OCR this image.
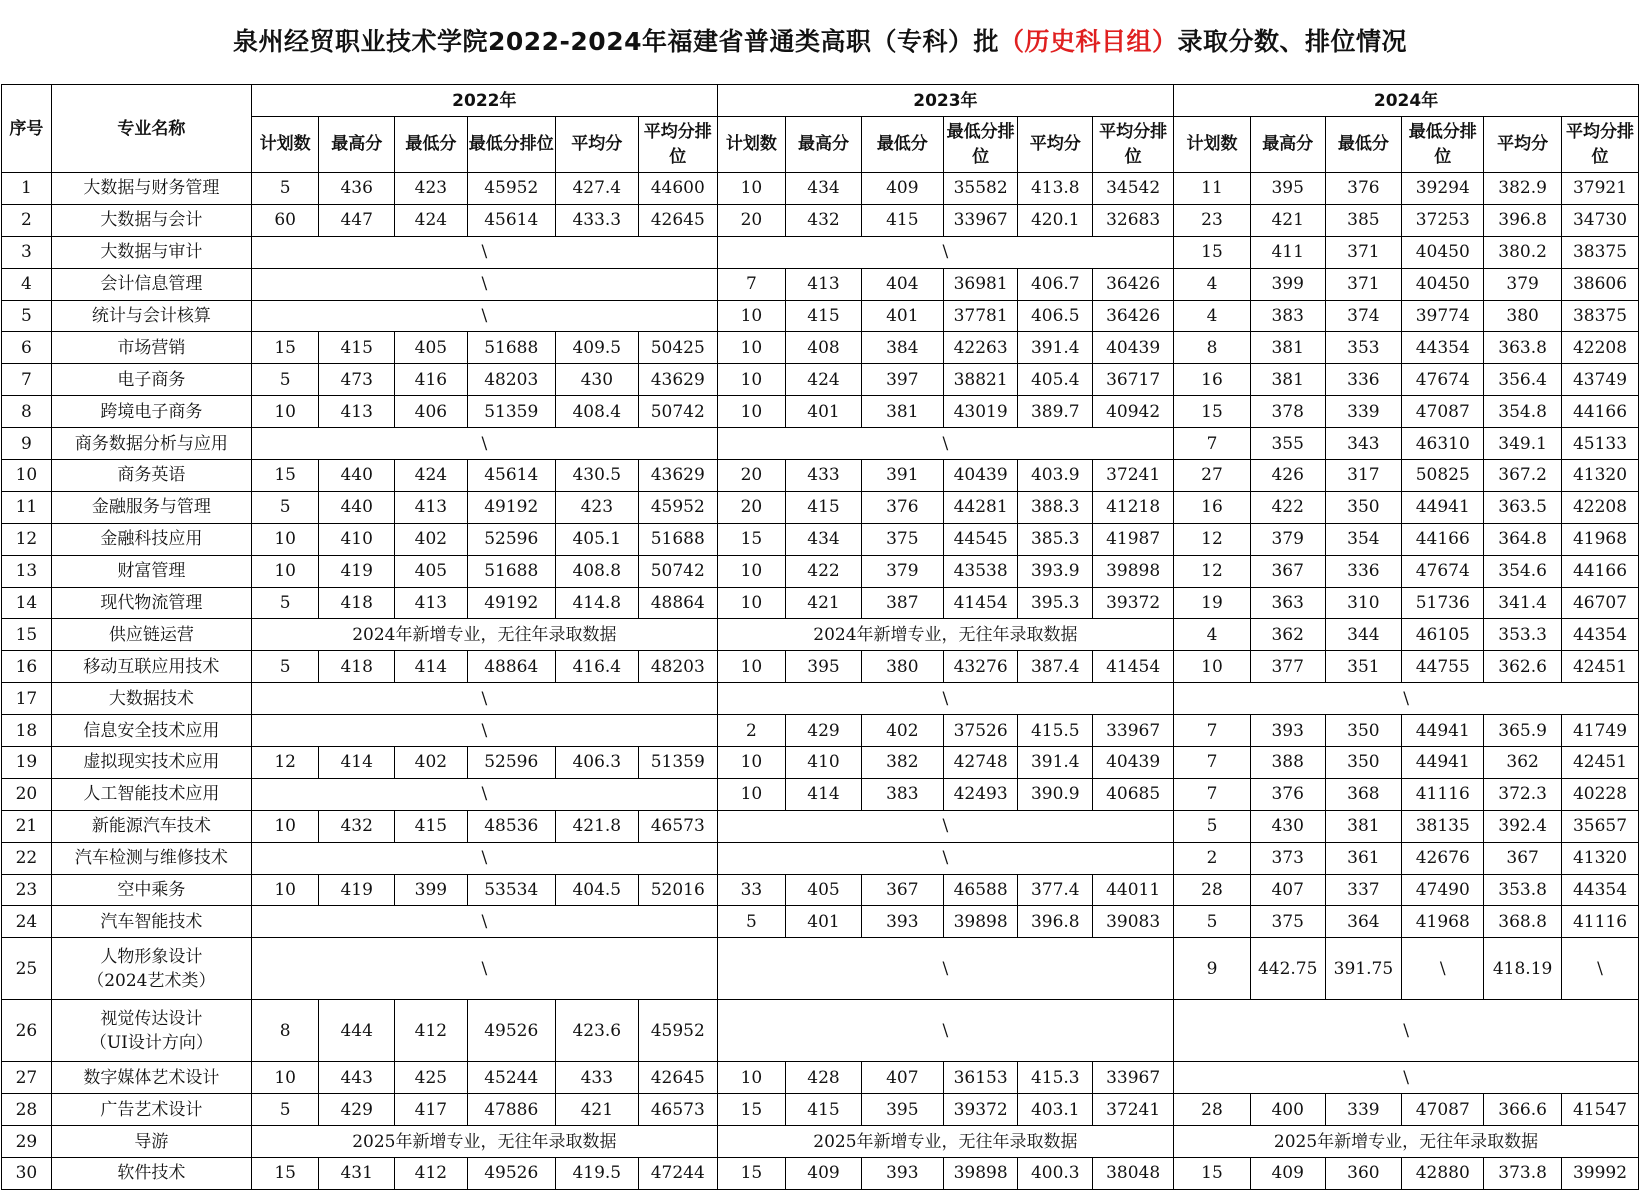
泉州经贸职业技术学院2022-2024年福建省普通类高职（专科）批（历史科目组）录取分数、排位情况
序号	专业名称	2022年						2023年						2024年					
		计划数	最高分	最低分	最低分排位	平均分	平均分排位	计划数	最高分	最低分	最低分排位	平均分	平均分排位	计划数	最高分	最低分	最低分排位	平均分	平均分排位
1	大数据与财务管理	5	436	423	45952	427.4	44600	10	434	409	35582	413.8	34542	11	395	376	39294	382.9	37921
2	大数据与会计	60	447	424	45614	433.3	42645	20	432	415	33967	420.1	32683	23	421	385	37253	396.8	34730
3	大数据与审计	\						\						15	411	371	40450	380.2	38375
4	会计信息管理	\						7	413	404	36981	406.7	36426	4	399	371	40450	379	38606
5	统计与会计核算	\						10	415	401	37781	406.5	36426	4	383	374	39774	380	38375
6	市场营销	15	415	405	51688	409.5	50425	10	408	384	42263	391.4	40439	8	381	353	44354	363.8	42208
7	电子商务	5	473	416	48203	430	43629	10	424	397	38821	405.4	36717	16	381	336	47674	356.4	43749
8	跨境电子商务	10	413	406	51359	408.4	50742	10	401	381	43019	389.7	40942	15	378	339	47087	354.8	44166
9	商务数据分析与应用	\						\						7	355	343	46310	349.1	45133
10	商务英语	15	440	424	45614	430.5	43629	20	433	391	40439	403.9	37241	27	426	317	50825	367.2	41320
11	金融服务与管理	5	440	413	49192	423	45952	20	415	376	44281	388.3	41218	16	422	350	44941	363.5	42208
12	金融科技应用	10	410	402	52596	405.1	51688	15	434	375	44545	385.3	41987	12	379	354	44166	364.8	41968
13	财富管理	10	419	405	51688	408.8	50742	10	422	379	43538	393.9	39898	12	367	336	47674	354.6	44166
14	现代物流管理	5	418	413	49192	414.8	48864	10	421	387	41454	395.3	39372	19	363	310	51736	341.4	46707
15	供应链运营	2024年新增专业，无往年录取数据						2024年新增专业，无往年录取数据						4	362	344	46105	353.3	44354
16	移动互联应用技术	5	418	414	48864	416.4	48203	10	395	380	43276	387.4	41454	10	377	351	44755	362.6	42451
17	大数据技术	\						\						\					
18	信息安全技术应用	\						2	429	402	37526	415.5	33967	7	393	350	44941	365.9	41749
19	虚拟现实技术应用	12	414	402	52596	406.3	51359	10	410	382	42748	391.4	40439	7	388	350	44941	362	42451
20	人工智能技术应用	\						10	414	383	42493	390.9	40685	7	376	368	41116	372.3	40228
21	新能源汽车技术	10	432	415	48536	421.8	46573	\						5	430	381	38135	392.4	35657
22	汽车检测与维修技术	\						\						2	373	361	42676	367	41320
23	空中乘务	10	419	399	53534	404.5	52016	33	405	367	46588	377.4	44011	28	407	337	47490	353.8	44354
24	汽车智能技术	\						5	401	393	39898	396.8	39083	5	375	364	41968	368.8	41116
25	人物形象设计
（2024艺术类）	\						\						9	442.75	391.75	\	418.19	\
26	视觉传达设计
（UI设计方向）	8	444	412	49526	423.6	45952	\						\					
27	数字媒体艺术设计	10	443	425	45244	433	42645	10	428	407	36153	415.3	33967	\					
28	广告艺术设计	5	429	417	47886	421	46573	15	415	395	39372	403.1	37241	28	400	339	47087	366.6	41547
29	导游	2025年新增专业，无往年录取数据						2025年新增专业，无往年录取数据						2025年新增专业，无往年录取数据					
30	软件技术	15	431	412	49526	419.5	47244	15	409	393	39898	400.3	38048	15	409	360	42880	373.8	39992
